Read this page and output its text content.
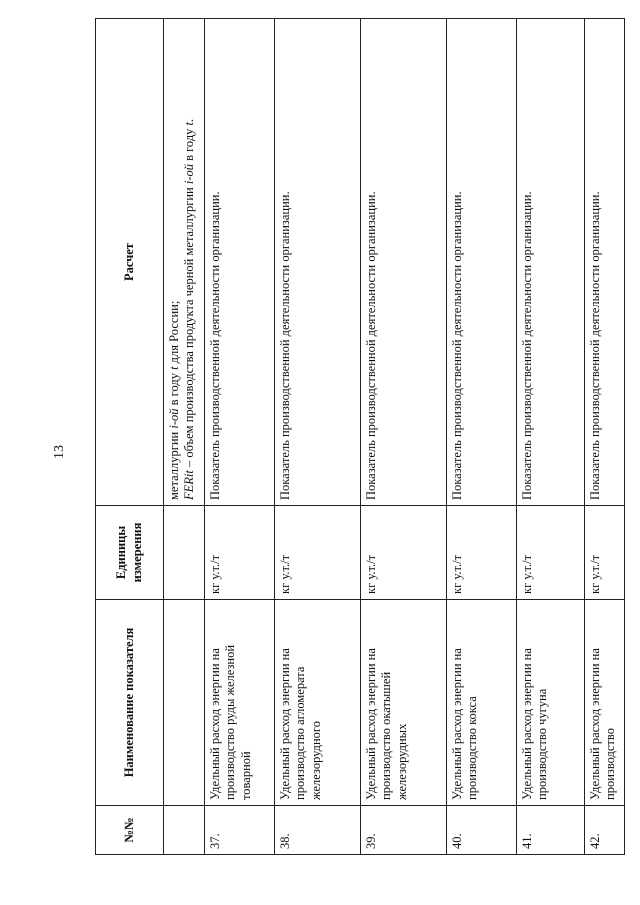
13
№№	Наименование показателя	Единицы измерения	Расчет

			металлургии i-ой в году t для России;
FERit – объем производства продукта черной металлургии i-ой в году t.

37.	Удельный расход энергии на производство руды железной товарной	кг у.т./т	Показатель производственной деятельности организации.
38.	Удельный расход энергии на производство агломерата железорудного	кг у.т./т	Показатель производственной деятельности организации.
39.	Удельный расход энергии на производство окатышей железорудных	кг у.т./т	Показатель производственной деятельности организации.
40.	Удельный расход энергии на производство кокса	кг у.т./т	Показатель производственной деятельности организации.
41.	Удельный расход энергии на производство чугуна	кг у.т./т	Показатель производственной деятельности организации.
42.	Удельный расход энергии на производство	кг у.т./т	Показатель производственной деятельности организации.
